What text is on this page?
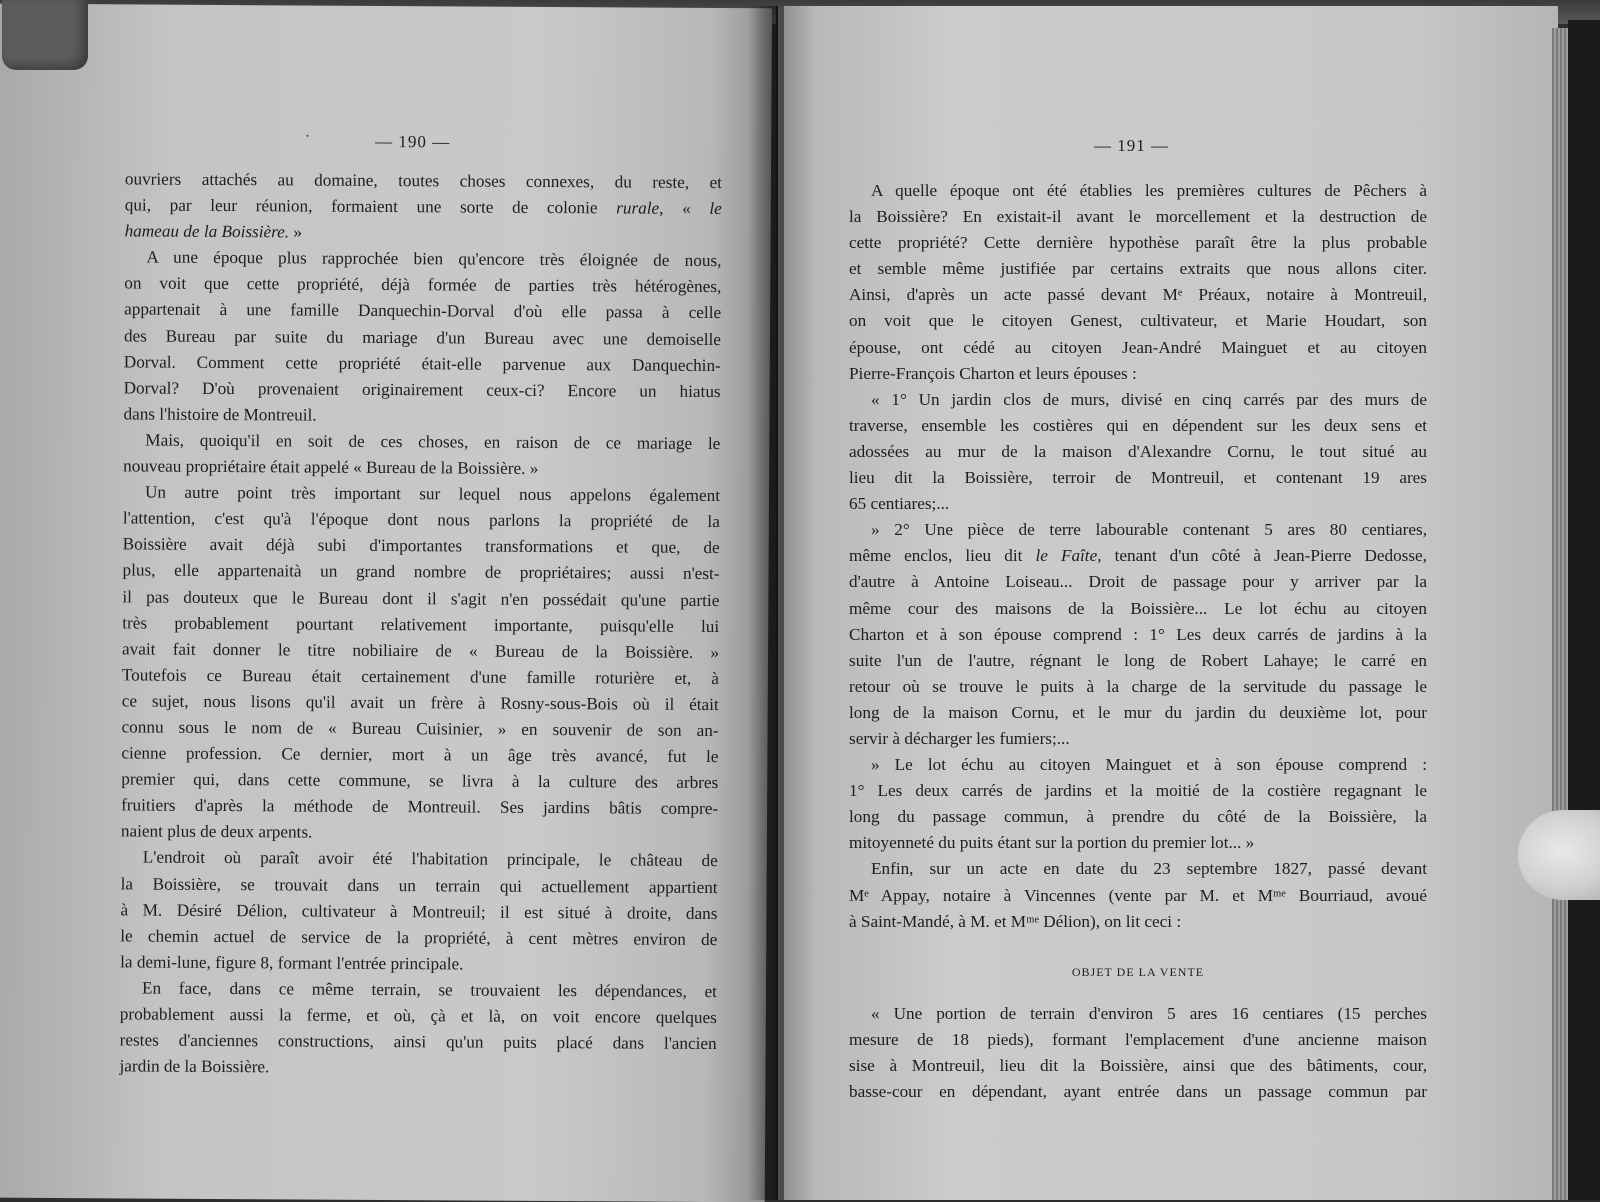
·	— 190 —
ouvriers attachés au domaine, toutes choses connexes, du reste, et
qui, par leur réunion, formaient une sorte de colonie rurale, « le
hameau de la Boissière. »
A une époque plus rapprochée bien qu'encore très éloignée de nous,
on voit que cette propriété, déjà formée de parties très hétérogènes,
appartenait à une famille Danquechin-Dorval d'où elle passa à celle
des Bureau par suite du mariage d'un Bureau avec une demoiselle
Dorval. Comment cette propriété était-elle parvenue aux Danquechin-
Dorval? D'où provenaient originairement ceux-ci? Encore un hiatus
dans l'histoire de Montreuil.
Mais, quoiqu'il en soit de ces choses, en raison de ce mariage le
nouveau propriétaire était appelé « Bureau de la Boissière. »
Un autre point très important sur lequel nous appelons également
l'attention, c'est qu'à l'époque dont nous parlons la propriété de la
Boissière avait déjà subi d'importantes transformations et que, de
plus, elle appartenaità un grand nombre de propriétaires; aussi n'est-
il pas douteux que le Bureau dont il s'agit n'en possédait qu'une partie
très probablement pourtant relativement importante, puisqu'elle lui
avait fait donner le titre nobiliaire de « Bureau de la Boissière. »
Toutefois ce Bureau était certainement d'une famille roturière et, à
ce sujet, nous lisons qu'il avait un frère à Rosny-sous-Bois où il était
connu sous le nom de « Bureau Cuisinier, » en souvenir de son an-
cienne profession. Ce dernier, mort à un âge très avancé, fut le
premier qui, dans cette commune, se livra à la culture des arbres
fruitiers d'après la méthode de Montreuil. Ses jardins bâtis compre-
naient plus de deux arpents.
L'endroit où paraît avoir été l'habitation principale, le château de
la Boissière, se trouvait dans un terrain qui actuellement appartient
à M. Désiré Délion, cultivateur à Montreuil; il est situé à droite, dans
le chemin actuel de service de la propriété, à cent mètres environ de
la demi-lune, figure 8, formant l'entrée principale.
En face, dans ce même terrain, se trouvaient les dépendances, et
probablement aussi la ferme, et où, çà et là, on voit encore quelques
restes d'anciennes constructions, ainsi qu'un puits placé dans l'ancien
jardin de la Boissière.
— 191 —
A quelle époque ont été établies les premières cultures de Pêchers à
la Boissière? En existait-il avant le morcellement et la destruction de
cette propriété? Cette dernière hypothèse paraît être la plus probable
et semble même justifiée par certains extraits que nous allons citer.
Ainsi, d'après un acte passé devant Mᵉ Préaux, notaire à Montreuil,
on voit que le citoyen Genest, cultivateur, et Marie Houdart, son
épouse, ont cédé au citoyen Jean-André Mainguet et au citoyen
Pierre-François Charton et leurs épouses :
« 1° Un jardin clos de murs, divisé en cinq carrés par des murs de
traverse, ensemble les costières qui en dépendent sur les deux sens et
adossées au mur de la maison d'Alexandre Cornu, le tout situé au
lieu dit la Boissière, terroir de Montreuil, et contenant 19 ares
65 centiares;...
» 2° Une pièce de terre labourable contenant 5 ares 80 centiares,
même enclos, lieu dit le Faîte, tenant d'un côté à Jean-Pierre Dedosse,
d'autre à Antoine Loiseau... Droit de passage pour y arriver par la
même cour des maisons de la Boissière... Le lot échu au citoyen
Charton et à son épouse comprend : 1° Les deux carrés de jardins à la
suite l'un de l'autre, régnant le long de Robert Lahaye; le carré en
retour où se trouve le puits à la charge de la servitude du passage le
long de la maison Cornu, et le mur du jardin du deuxième lot, pour
servir à décharger les fumiers;...
» Le lot échu au citoyen Mainguet et à son épouse comprend :
1° Les deux carrés de jardins et la moitié de la costière regagnant le
long du passage commun, à prendre du côté de la Boissière, la
mitoyenneté du puits étant sur la portion du premier lot... »
Enfin, sur un acte en date du 23 septembre 1827, passé devant
Mᵉ Appay, notaire à Vincennes (vente par M. et Mᵐᵉ Bourriaud, avoué
à Saint-Mandé, à M. et Mᵐᵉ Délion), on lit ceci :
OBJET DE LA VENTE
« Une portion de terrain d'environ 5 ares 16 centiares (15 perches
mesure de 18 pieds), formant l'emplacement d'une ancienne maison
sise à Montreuil, lieu dit la Boissière, ainsi que des bâtiments, cour,
basse-cour en dépendant, ayant entrée dans un passage commun par
